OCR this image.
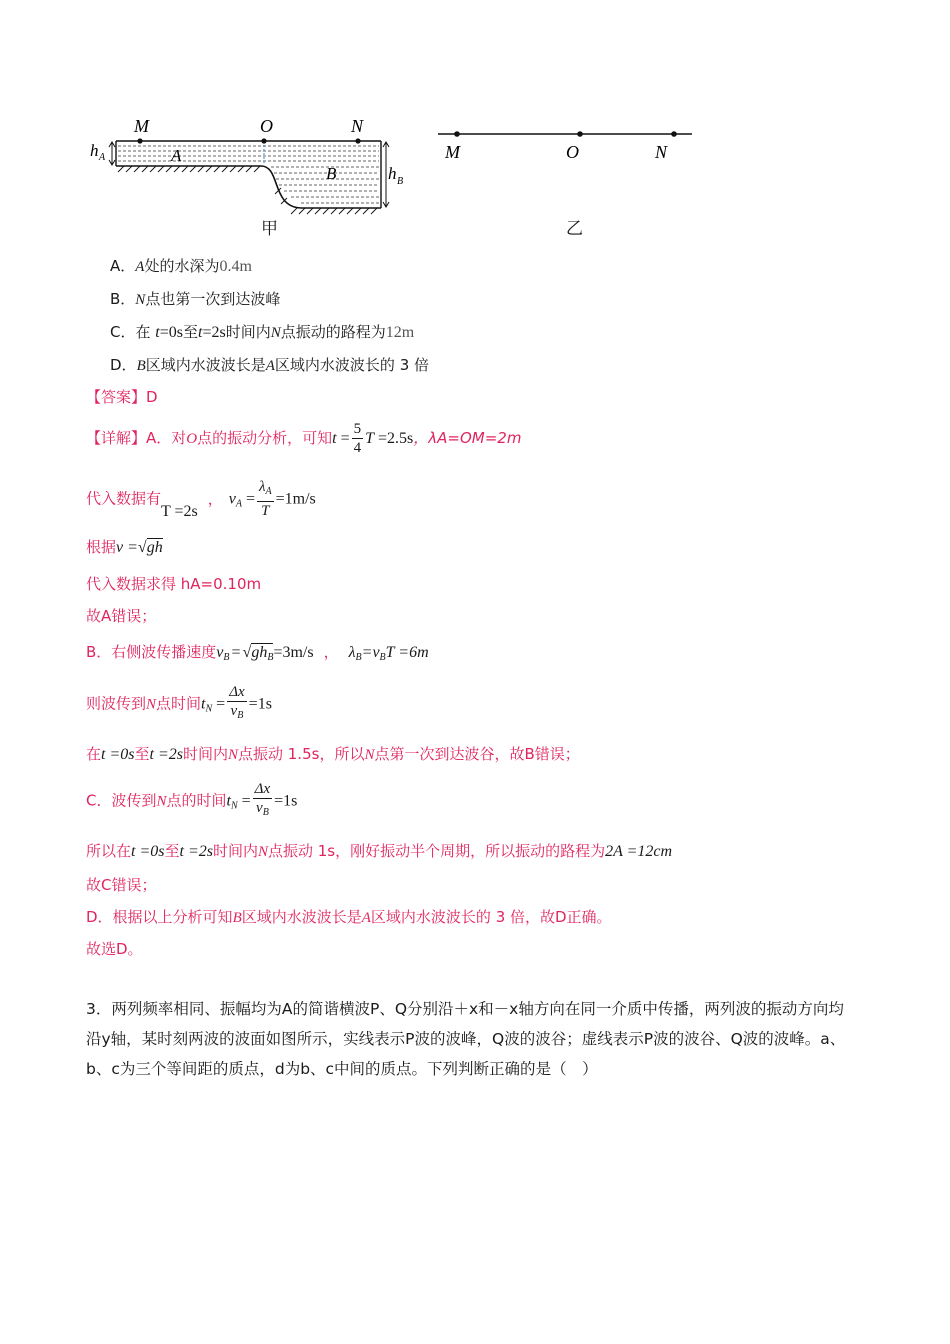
M	O	N
h A	A
B	h B
甲
M	O	N
乙
A．A处的水深为0.4m
B．N点也第一次到达波峰
C．在 t=0s至t=2s时间内N点振动的路程为12m
D．B区域内水波波长是A区域内水波波长的 3 倍
【答案】D
【详解】A．对O点的振动分析，可知$t = \frac{5}{4}$ T =2.5s，λA=OM=2m
代入数据有T =2s， $v_A = \frac{\lambda_A}{T} =1m/s$
根据v =√gh
代入数据求得 hA=0.10m
故A错误；
B．右侧波传播速度$v_B = √gh_B=3m/s$ ， $\lambda_B=v_BT =6m$
则波传到N点时间$t_N = \frac{\Delta x}{v_B} =1s$
在t =0s至t =2s时间内N点振动 1.5s，所以N点第一次到达波谷，故B错误；
C．波传到N点的时间$t_N = \frac{\Delta x}{v_B} =1s$
所以在t =0s至t =2s时间内N点振动 1s，刚好振动半个周期，所以振动的路程为2A =12cm
故C错误；
D．根据以上分析可知B区域内水波波长是A区域内水波波长的 3 倍，故D正确。
故选D。
3．两列频率相同、振幅均为A的简谐横波P、Q分别沿＋x和－x轴方向在同一介质中传播，两列波的振动方向均沿y轴，某时刻两波的波面如图所示，实线表示P波的波峰，Q波的波谷；虚线表示P波的波谷、Q波的波峰。a、b、c为三个等间距的质点，d为b、c中间的质点。下列判断正确的是（　）
